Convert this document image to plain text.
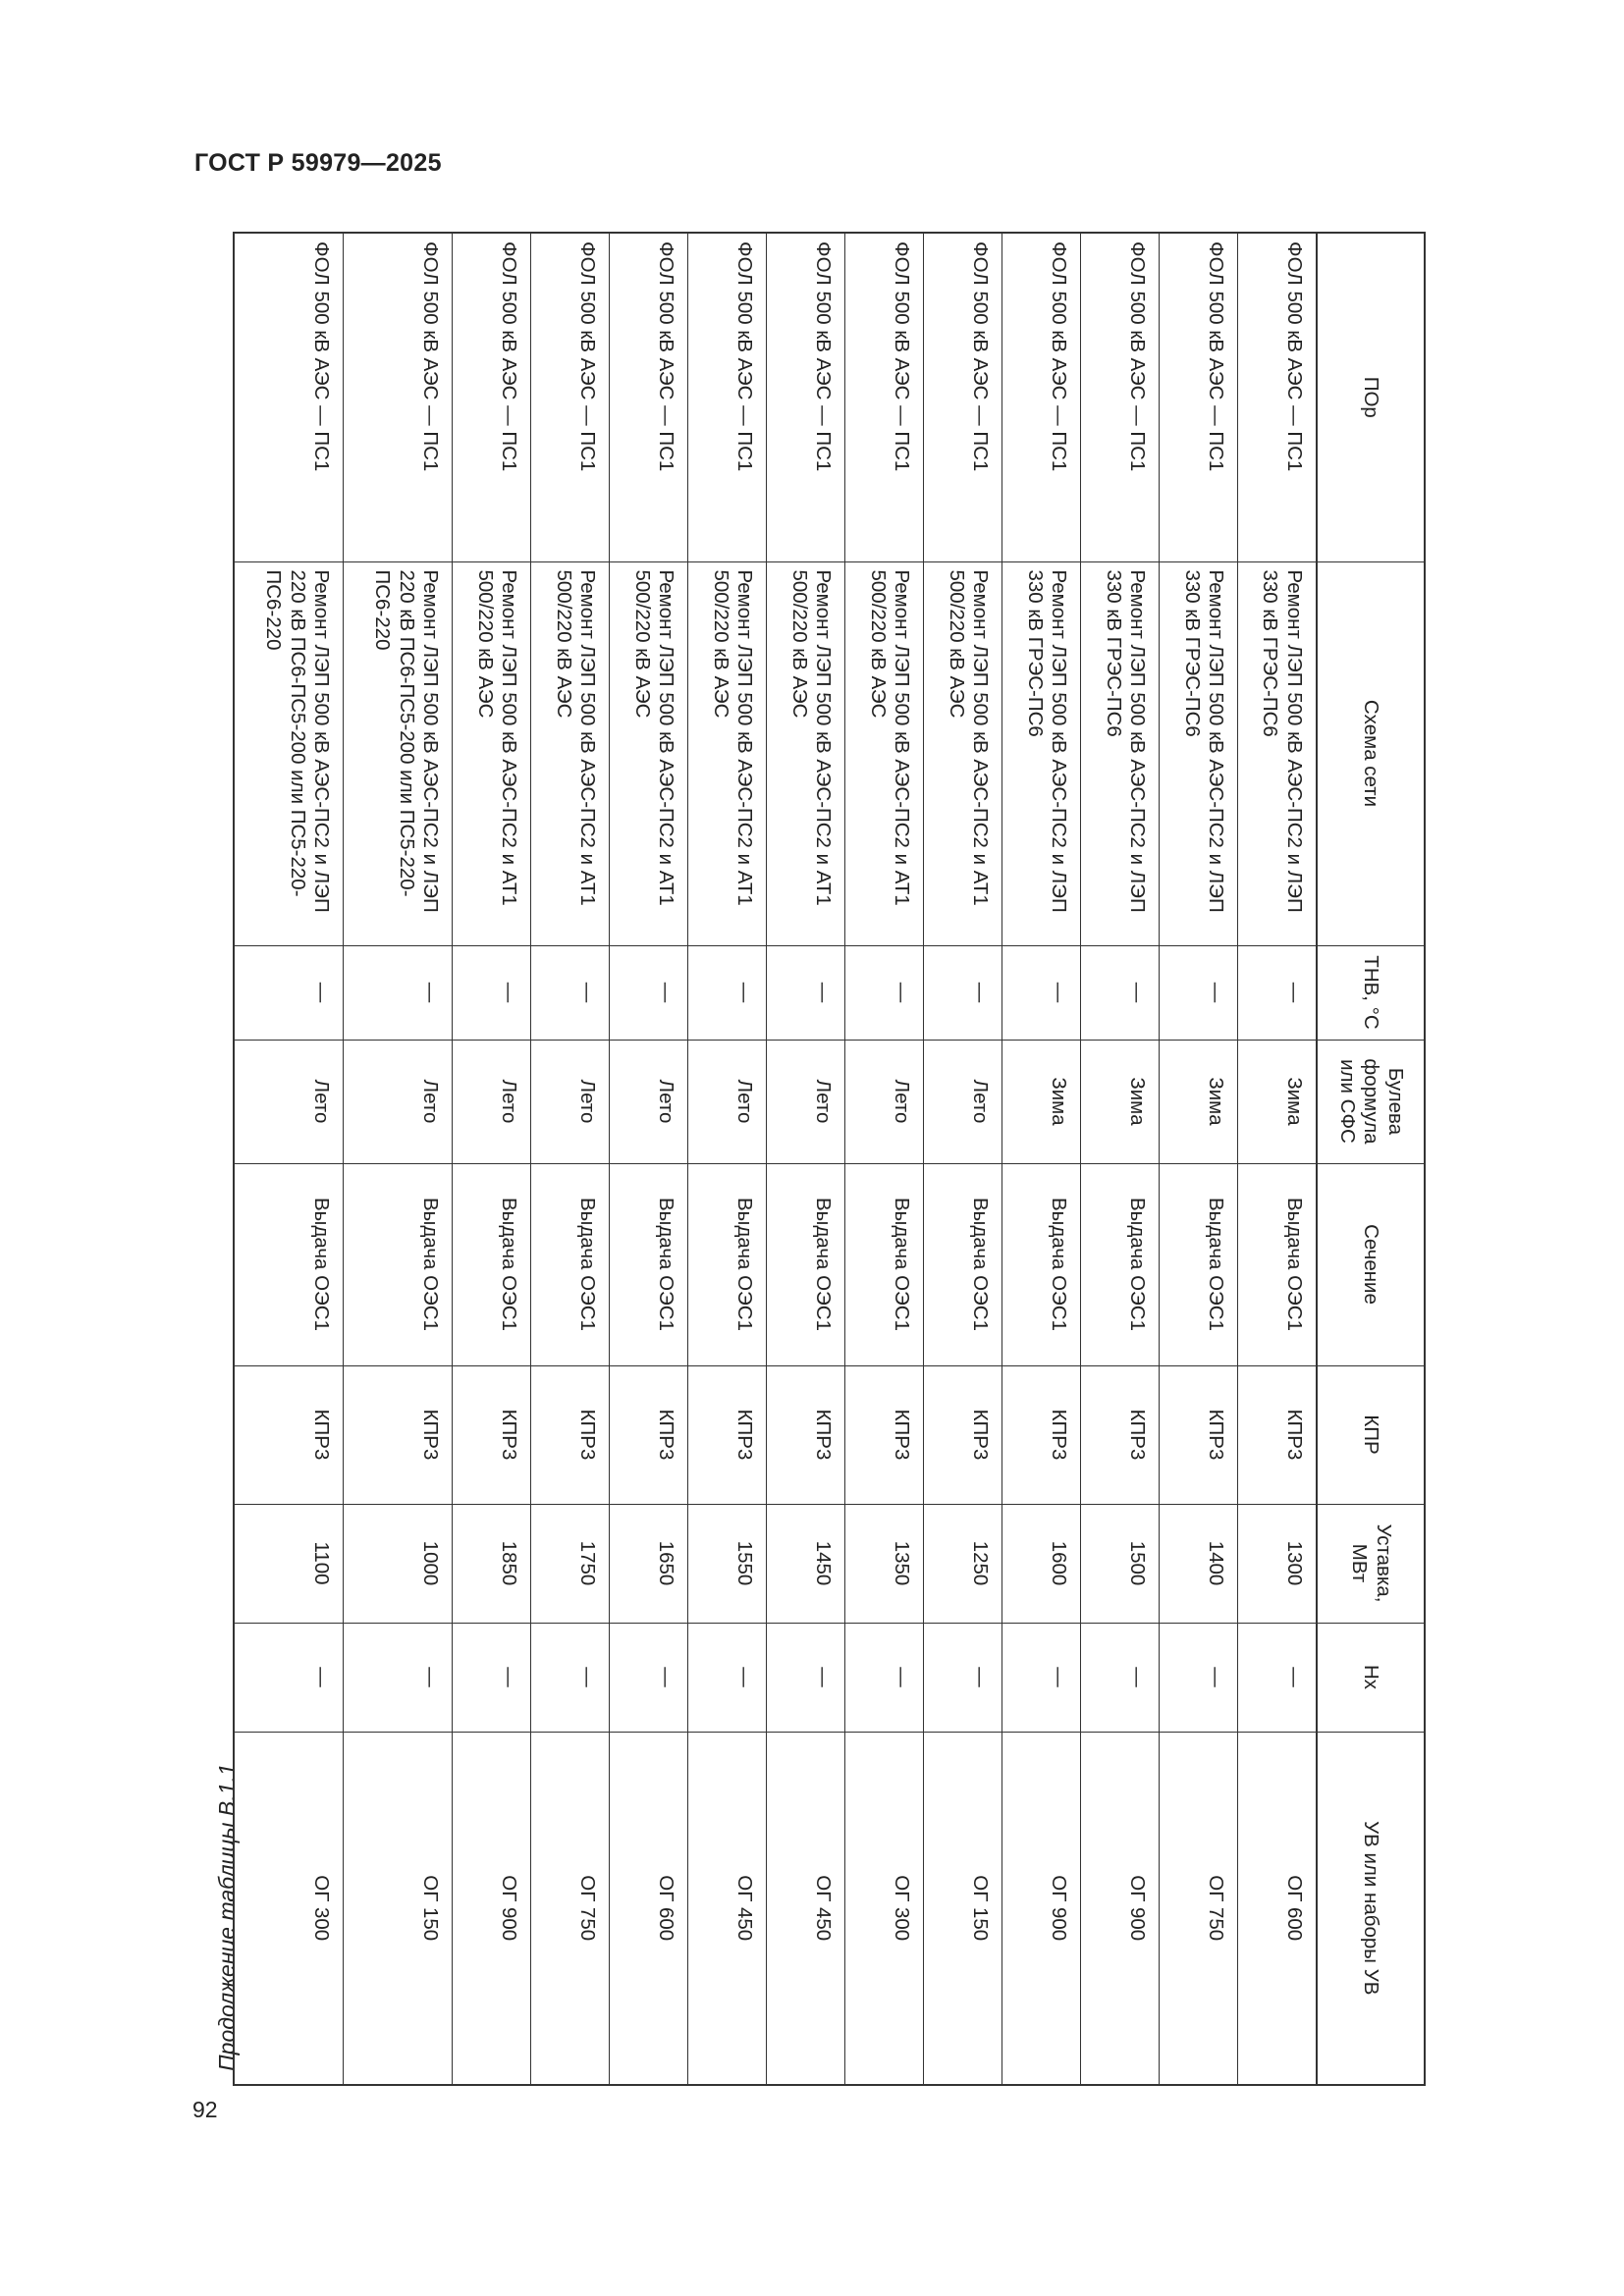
ГОСТ Р 59979—2025
92
Продолжение таблицы В.1.1
ПОр	Схема сети	ТНВ, °С	Булева формула или СФС	Сечение	КПР	Уставка, МВт	Нх	УВ или наборы УВ
ФОЛ 500 кВ АЭС — ПС1	Ремонт ЛЭП 500 кВ АЭС-ПС2 и ЛЭП 330 кВ ГРЭС-ПС6	—	Зима	Выдача ОЭС1	КПР3	1300	—	ОГ 600
ФОЛ 500 кВ АЭС — ПС1	Ремонт ЛЭП 500 кВ АЭС-ПС2 и ЛЭП 330 кВ ГРЭС-ПС6	—	Зима	Выдача ОЭС1	КПР3	1400	—	ОГ 750
ФОЛ 500 кВ АЭС — ПС1	Ремонт ЛЭП 500 кВ АЭС-ПС2 и ЛЭП 330 кВ ГРЭС-ПС6	—	Зима	Выдача ОЭС1	КПР3	1500	—	ОГ 900
ФОЛ 500 кВ АЭС — ПС1	Ремонт ЛЭП 500 кВ АЭС-ПС2 и ЛЭП 330 кВ ГРЭС-ПС6	—	Зима	Выдача ОЭС1	КПР3	1600	—	ОГ 900
ФОЛ 500 кВ АЭС — ПС1	Ремонт ЛЭП 500 кВ АЭС-ПС2 и АТ1 500/220 кВ АЭС	—	Лето	Выдача ОЭС1	КПР3	1250	—	ОГ 150
ФОЛ 500 кВ АЭС — ПС1	Ремонт ЛЭП 500 кВ АЭС-ПС2 и АТ1 500/220 кВ АЭС	—	Лето	Выдача ОЭС1	КПР3	1350	—	ОГ 300
ФОЛ 500 кВ АЭС — ПС1	Ремонт ЛЭП 500 кВ АЭС-ПС2 и АТ1 500/220 кВ АЭС	—	Лето	Выдача ОЭС1	КПР3	1450	—	ОГ 450
ФОЛ 500 кВ АЭС — ПС1	Ремонт ЛЭП 500 кВ АЭС-ПС2 и АТ1 500/220 кВ АЭС	—	Лето	Выдача ОЭС1	КПР3	1550	—	ОГ 450
ФОЛ 500 кВ АЭС — ПС1	Ремонт ЛЭП 500 кВ АЭС-ПС2 и АТ1 500/220 кВ АЭС	—	Лето	Выдача ОЭС1	КПР3	1650	—	ОГ 600
ФОЛ 500 кВ АЭС — ПС1	Ремонт ЛЭП 500 кВ АЭС-ПС2 и АТ1 500/220 кВ АЭС	—	Лето	Выдача ОЭС1	КПР3	1750	—	ОГ 750
ФОЛ 500 кВ АЭС — ПС1	Ремонт ЛЭП 500 кВ АЭС-ПС2 и АТ1 500/220 кВ АЭС	—	Лето	Выдача ОЭС1	КПР3	1850	—	ОГ 900
ФОЛ 500 кВ АЭС — ПС1	Ремонт ЛЭП 500 кВ АЭС-ПС2 и ЛЭП 220 кВ ПС6-ПС5-200 или ПС5-220-ПС6-220	—	Лето	Выдача ОЭС1	КПР3	1000	—	ОГ 150
ФОЛ 500 кВ АЭС — ПС1	Ремонт ЛЭП 500 кВ АЭС-ПС2 и ЛЭП 220 кВ ПС6-ПС5-200 или ПС5-220-ПС6-220	—	Лето	Выдача ОЭС1	КПР3	1100	—	ОГ 300
